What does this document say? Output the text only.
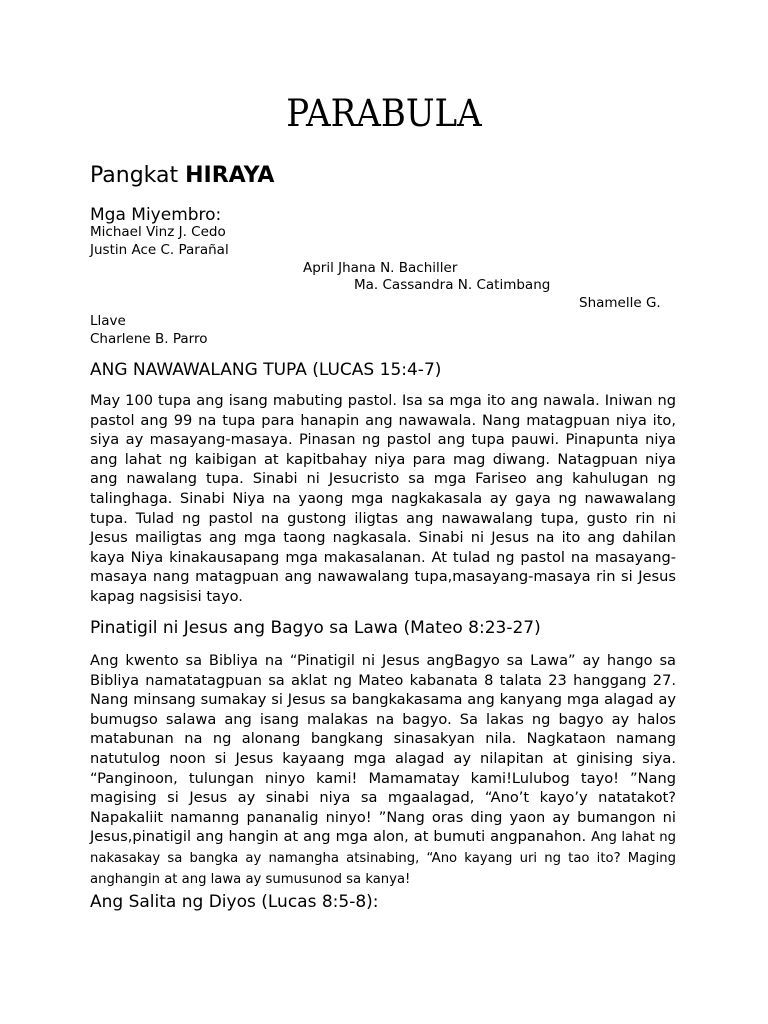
PARABULA
Pangkat HIRAYA
Mga Miyembro:
Michael Vinz J. Cedo
Justin Ace C. Parañal
April Jhana N. Bachiller
Ma. Cassandra N. Catimbang
Shamelle G.
Llave
Charlene B. Parro
ANG NAWAWALANG TUPA (LUCAS 15:4-7)

May 100 tupa ang isang mabuting pastol. Isa sa mga ito ang nawala. Iniwan ng pastol ang 99 na tupa para hanapin ang nawawala. Nang matagpuan niya ito, siya ay masayang-masaya. Pinasan ng pastol ang tupa pauwi. Pinapunta niya ang lahat ng kaibigan at kapitbahay niya para mag diwang. Natagpuan niya ang nawalang tupa. Sinabi ni Jesucristo sa mga Fariseo ang kahulugan ng talinghaga. Sinabi Niya na yaong mga nagkakasala ay gaya ng nawawalang tupa. Tulad ng pastol na gustong iligtas ang nawawalang tupa, gusto rin ni Jesus mailigtas ang mga taong nagkasala. Sinabi ni Jesus na ito ang dahilan kaya Niya kinakausapang mga makasalanan. At tulad ng pastol na masayang-masaya nang matagpuan ang nawawalang tupa,masayang-masaya rin si Jesus kapag nagsisisi tayo.

Pinatigil ni Jesus ang Bagyo sa Lawa (Mateo 8:23-27)

Ang kwento sa Bibliya na “Pinatigil ni Jesus angBagyo sa Lawa” ay hango sa Bibliya namatatagpuan sa aklat ng Mateo kabanata 8 talata 23 hanggang 27. Nang minsang sumakay si Jesus sa bangkakasama ang kanyang mga alagad ay bumugso salawa ang isang malakas na bagyo. Sa lakas ng bagyo ay halos matabunan na ng alonang bangkang sinasakyan nila. Nagkataon namang natutulog noon si Jesus kayaang mga alagad ay nilapitan at ginising siya. “Panginoon, tulungan ninyo kami! Mamamatay kami!Lulubog tayo! ”Nang magising si Jesus ay sinabi niya sa mgaalagad, “Ano’t kayo’y natatakot? Napakaliit namanng pananalig ninyo! ”Nang oras ding yaon ay bumangon ni Jesus,pinatigil ang hangin at ang mga alon, at bumuti angpanahon. Ang lahat ng nakasakay sa bangka ay namangha atsinabing, “Ano kayang uri ng tao ito? Maging anghangin at ang lawa ay sumusunod sa kanya!

Ang Salita ng Diyos (Lucas 8:5-8):
